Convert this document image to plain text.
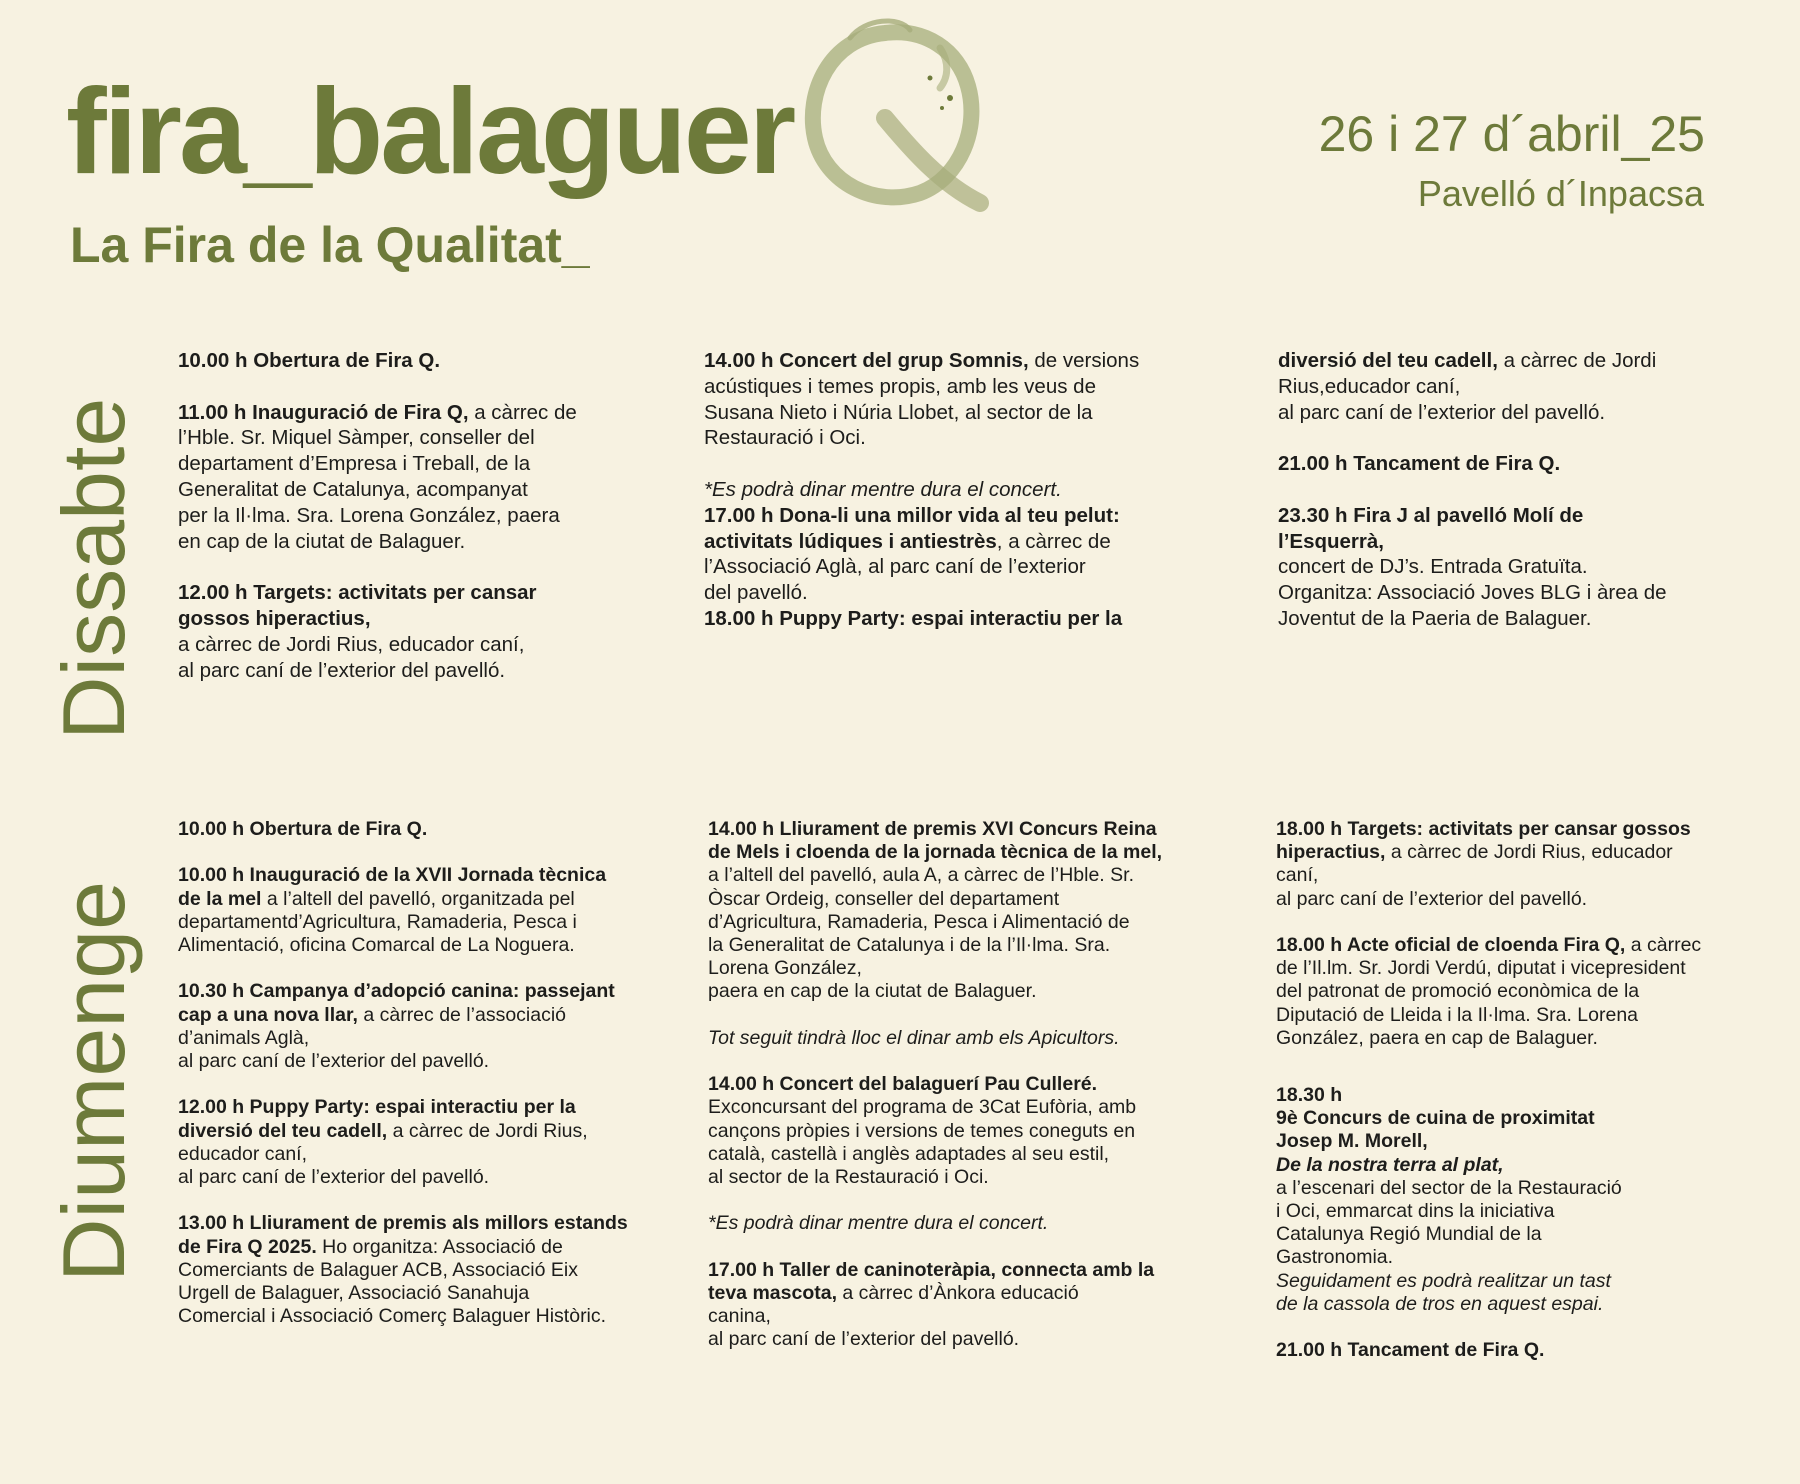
fira_balaguer
La Fira de la Qualitat_
26 i 27 d´abril_25
Pavelló d´Inpacsa
Dissabte

10.00 h Obertura de Fira Q.

11.00 h Inauguració de Fira Q, a càrrec de
l’Hble. Sr. Miquel Sàmper, conseller del
departament d’Empresa i Treball, de la
Generalitat de Catalunya, acompanyat
per la Il·lma. Sra. Lorena González, paera
en cap de la ciutat de Balaguer.

12.00 h Targets: activitats per cansar
gossos hiperactius,
a càrrec de Jordi Rius, educador caní,
al parc caní de l’exterior del pavelló.

14.00 h Concert del grup Somnis, de versions
acústiques i temes propis, amb les veus de
Susana Nieto i Núria Llobet, al sector de la
Restauració i Oci.

*Es podrà dinar mentre dura el concert.

17.00 h Dona-li una millor vida al teu pelut:
activitats lúdiques i antiestrès, a càrrec de
l’Associació Aglà, al parc caní de l’exterior
del pavelló.

18.00 h Puppy Party: espai interactiu per la

diversió del teu cadell, a càrrec de Jordi
Rius,educador caní,
al parc caní de l’exterior del pavelló.

21.00 h Tancament de Fira Q.

23.30 h Fira J al pavelló Molí de
l’Esquerrà,
concert de DJ’s. Entrada Gratuïta.
Organitza: Associació Joves BLG i àrea de
Joventut de la Paeria de Balaguer.

Diumenge

10.00 h Obertura de Fira Q.

10.00 h Inauguració de la XVII Jornada tècnica
de la mel a l’altell del pavelló, organitzada pel
departamentd’Agricultura, Ramaderia, Pesca i
Alimentació, oficina Comarcal de La Noguera.

10.30 h Campanya d’adopció canina: passejant
cap a una nova llar, a càrrec de l’associació
d’animals Aglà,
al parc caní de l’exterior del pavelló.

12.00 h Puppy Party: espai interactiu per la
diversió del teu cadell, a càrrec de Jordi Rius,
educador caní,
al parc caní de l’exterior del pavelló.

13.00 h Lliurament de premis als millors estands
de Fira Q 2025. Ho organitza: Associació de
Comerciants de Balaguer ACB, Associació Eix
Urgell de Balaguer, Associació Sanahuja
Comercial i Associació Comerç Balaguer Històric.

14.00 h Lliurament de premis XVI Concurs Reina
de Mels i cloenda de la jornada tècnica de la mel,
a l’altell del pavelló, aula A, a càrrec de l’Hble. Sr.
Òscar Ordeig, conseller del departament
d’Agricultura, Ramaderia, Pesca i Alimentació de
la Generalitat de Catalunya i de la l’Il·lma. Sra.
Lorena González,
paera en cap de la ciutat de Balaguer.

Tot seguit tindrà lloc el dinar amb els Apicultors.

14.00 h Concert del balaguerí Pau Culleré.
Exconcursant del programa de 3Cat Eufòria, amb
cançons pròpies i versions de temes coneguts en
català, castellà i anglès adaptades al seu estil,
al sector de la Restauració i Oci.

*Es podrà dinar mentre dura el concert.

17.00 h Taller de caninoteràpia, connecta amb la
teva mascota, a càrrec d’Ànkora educació
canina,
al parc caní de l’exterior del pavelló.

18.00 h Targets: activitats per cansar gossos
hiperactius, a càrrec de Jordi Rius, educador
caní,
al parc caní de l’exterior del pavelló.

18.00 h Acte oficial de cloenda Fira Q, a càrrec
de l’Il.lm. Sr. Jordi Verdú, diputat i vicepresident
del patronat de promoció econòmica de la
Diputació de Lleida i la Il·lma. Sra. Lorena
González, paera en cap de Balaguer.

18.30 h
9è Concurs de cuina de proximitat
Josep M. Morell,
De la nostra terra al plat,
a l’escenari del sector de la Restauració
i Oci, emmarcat dins la iniciativa
Catalunya Regió Mundial de la
Gastronomia.
Seguidament es podrà realitzar un tast
de la cassola de tros en aquest espai.

21.00 h Tancament de Fira Q.
